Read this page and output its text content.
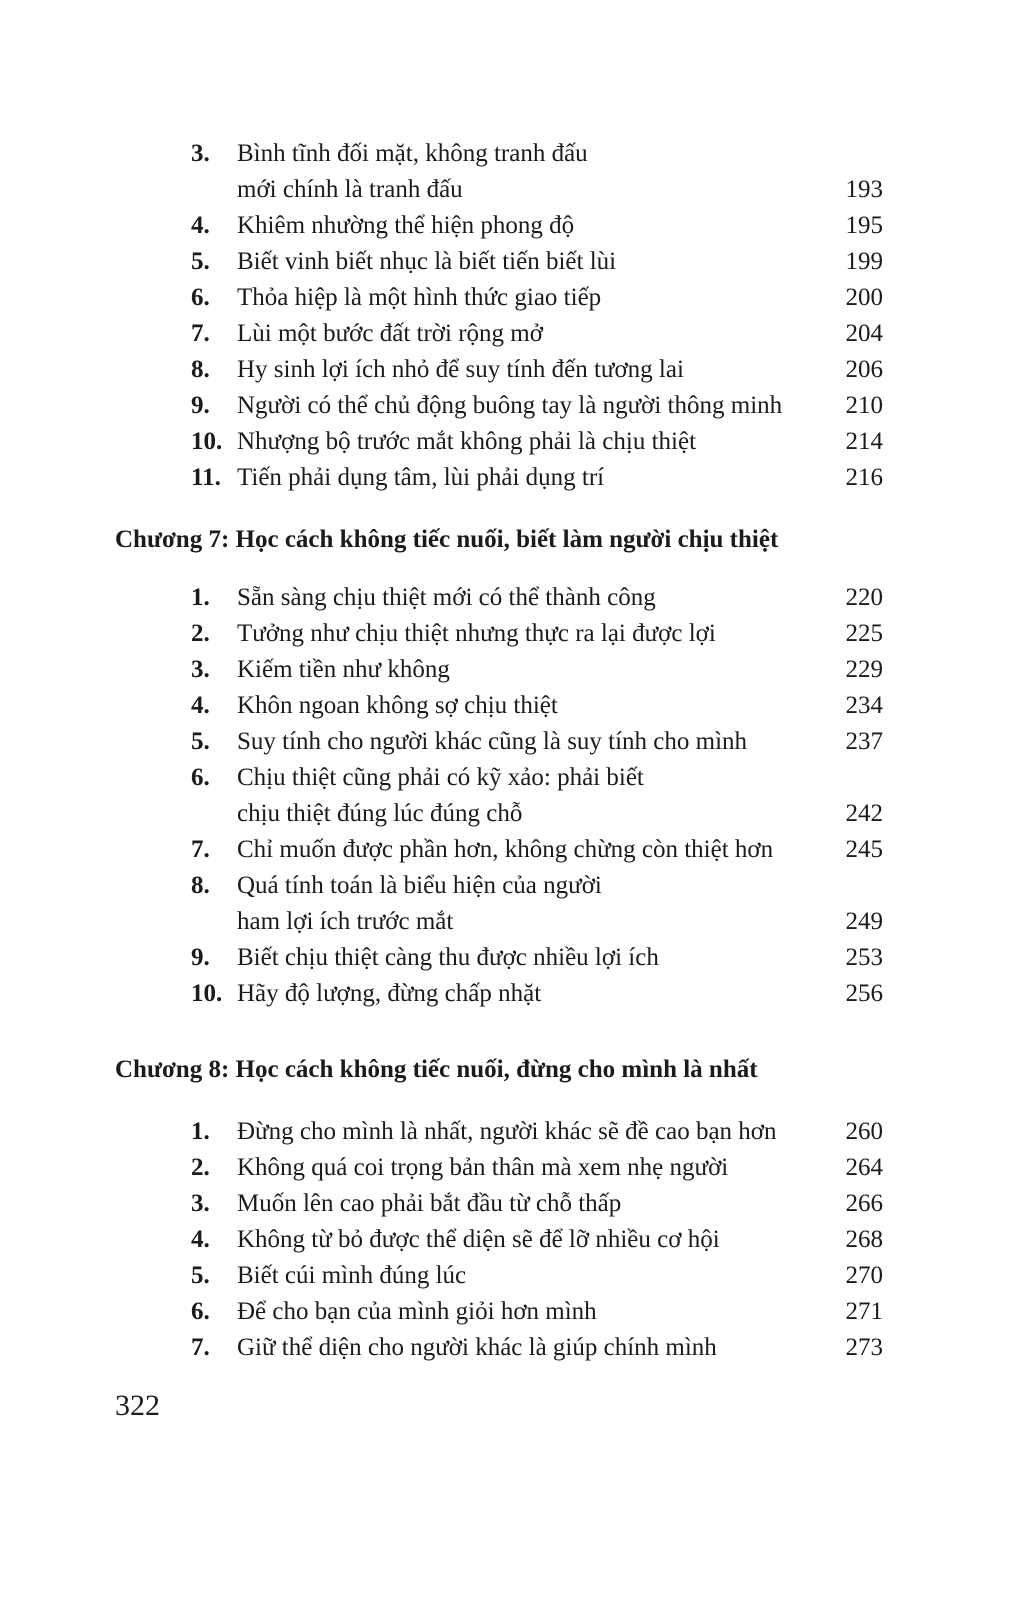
3.	Bình tĩnh đối mặt, không tranh đấu
mới chính là tranh đấu	193
4.	Khiêm nhường thể hiện phong độ	195
5.	Biết vinh biết nhục là biết tiến biết lùi	199
6.	Thỏa hiệp là một hình thức giao tiếp	200
7.	Lùi một bước đất trời rộng mở	204
8.	Hy sinh lợi ích nhỏ để suy tính đến tương lai	206
9.	Người có thể chủ động buông tay là người thông minh	210
10. Nhượng bộ trước mắt không phải là chịu thiệt	214
11. Tiến phải dụng tâm, lùi phải dụng trí	216
Chương 7: Học cách không tiếc nuối, biết làm người chịu thiệt
1.	Sẵn sàng chịu thiệt mới có thể thành công	220
2.	Tưởng như chịu thiệt nhưng thực ra lại được lợi	225
3.	Kiếm tiền như không	229
4.	Khôn ngoan không sợ chịu thiệt	234
5.	Suy tính cho người khác cũng là suy tính cho mình	237
6.	Chịu thiệt cũng phải có kỹ xảo: phải biết
chịu thiệt đúng lúc đúng chỗ	242
7.	Chỉ muốn được phần hơn, không chừng còn thiệt hơn	245
8.	Quá tính toán là biểu hiện của người
ham lợi ích trước mắt	249
9.	Biết chịu thiệt càng thu được nhiều lợi ích	253
10. Hãy độ lượng, đừng chấp nhặt	256
Chương 8: Học cách không tiếc nuối, đừng cho mình là nhất
1.	Đừng cho mình là nhất, người khác sẽ đề cao bạn hơn	260
2.	Không quá coi trọng bản thân mà xem nhẹ người	264
3.	Muốn lên cao phải bắt đầu từ chỗ thấp	266
4.	Không từ bỏ được thể diện sẽ để lỡ nhiều cơ hội	268
5.	Biết cúi mình đúng lúc	270
6.	Để cho bạn của mình giỏi hơn mình	271
7.	Giữ thể diện cho người khác là giúp chính mình	273
322
